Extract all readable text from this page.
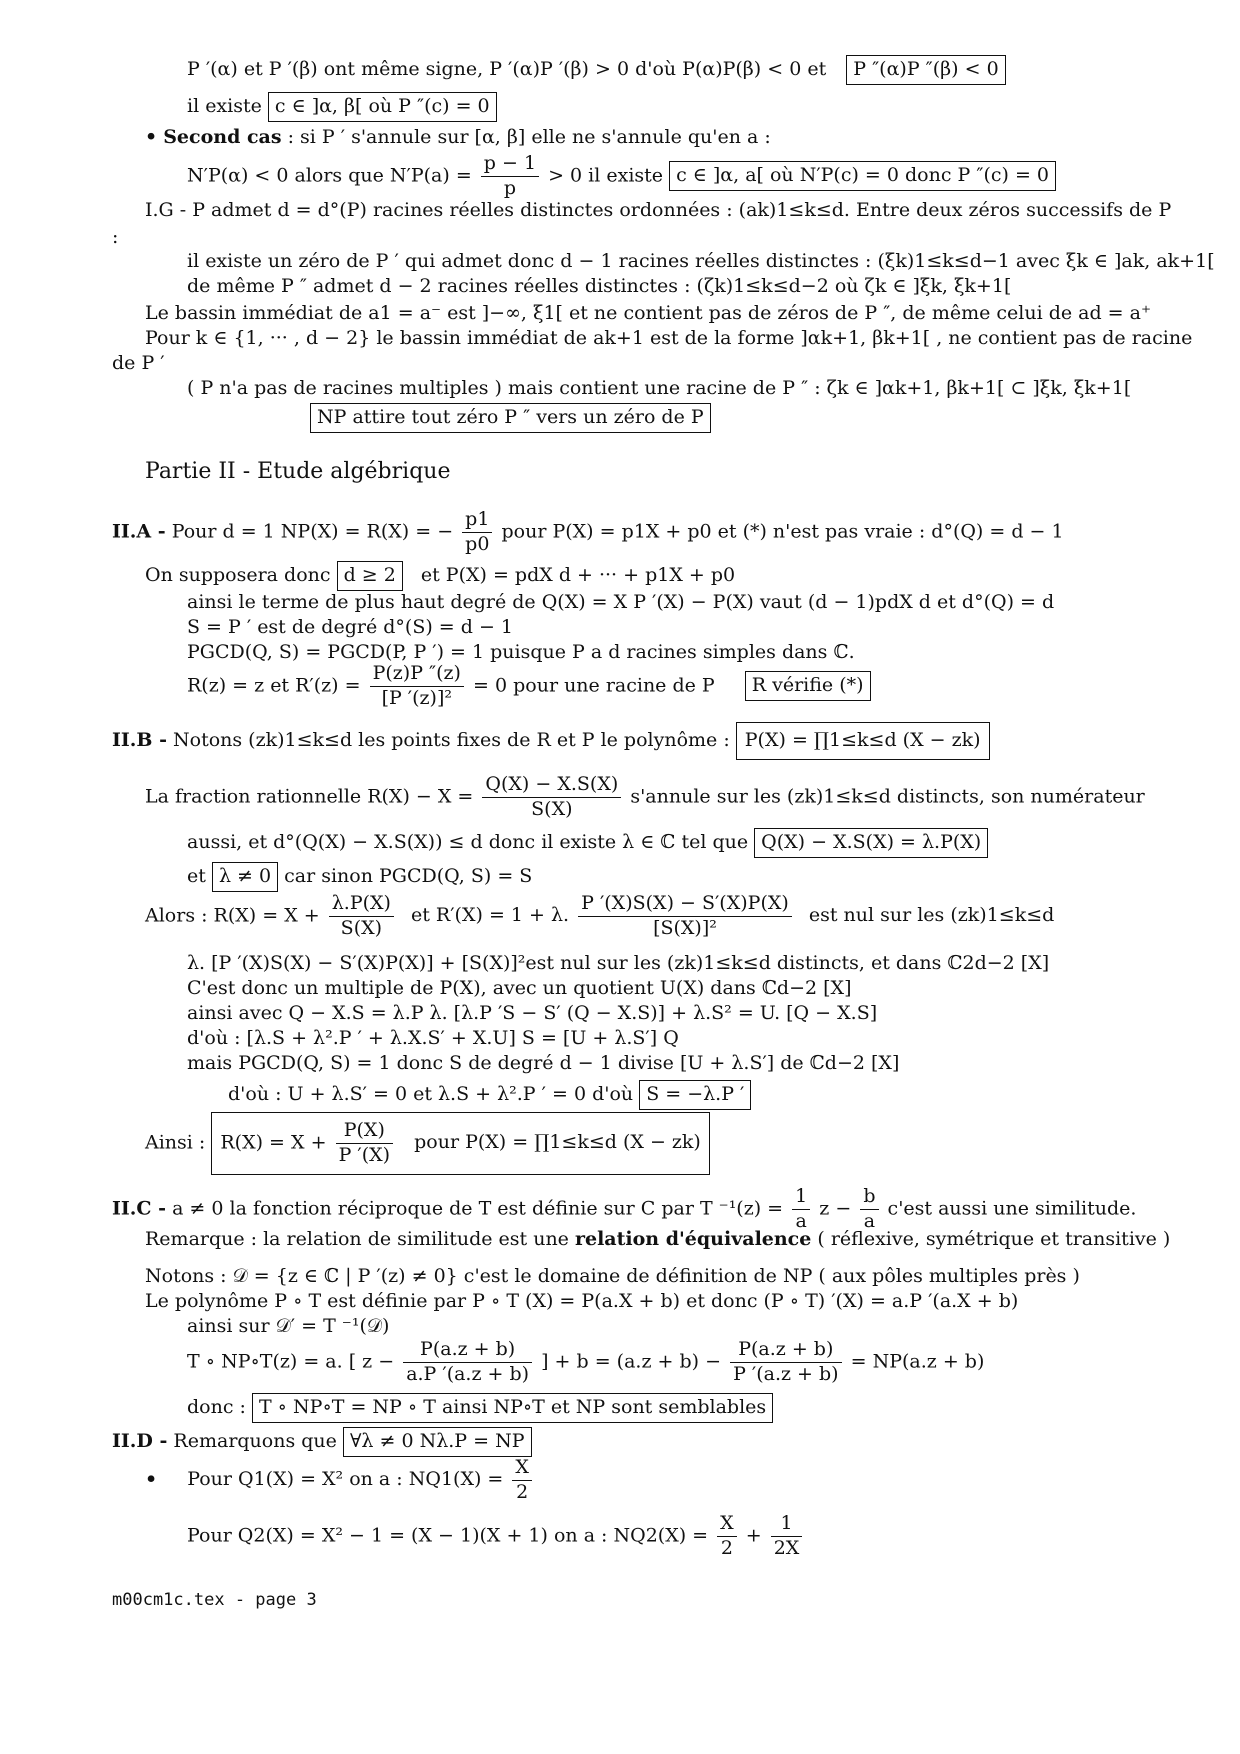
P ′(α) et P ′(β) ont même signe, P ′(α)P ′(β) > 0 d'où P(α)P(β) < 0 et P ″(α)P ″(β) < 0
il existe c ∈ ]α, β[ où P ″(c) = 0
• Second cas : si P ′ s'annule sur [α, β] elle ne s'annule qu'en a :
N′P(α) < 0 alors que $N'P(a) = \frac{p - 1}{p} > 0$ il existe c ∈ ]α, a[ où N′P(c) = 0 donc P ″(c) = 0
I.G - P admet d = d°(P) racines réelles distinctes ordonnées : (ak)1≤k≤d. Entre deux zéros successifs de P
:
il existe un zéro de P ′ qui admet donc d − 1 racines réelles distinctes : (ξk)1≤k≤d−1 avec ξk ∈ ]ak, ak+1[
de même P ″ admet d − 2 racines réelles distinctes : (ζk)1≤k≤d−2 où ζk ∈ ]ξk, ξk+1[
Le bassin immédiat de a1 = a⁻ est ]−∞, ξ1[ et ne contient pas de zéros de P ″, de même celui de ad = a⁺
Pour k ∈ {1, ··· , d − 2} le bassin immédiat de ak+1 est de la forme ]αk+1, βk+1[ , ne contient pas de racine
de P ′
( P n'a pas de racines multiples ) mais contient une racine de P ″ : ζk ∈ ]αk+1, βk+1[ ⊂ ]ξk, ξk+1[
NP attire tout zéro P ″ vers un zéro de P
Partie II - Etude algébrique
II.A - Pour d = 1 NP(X) = R(X) = − $\frac{p1}{p0}$ pour P(X) = p1X + p0 et (*) n'est pas vraie : d°(Q) = d − 1
On supposera donc d ≥ 2 et P(X) = pdX d + ··· + p1X + p0
ainsi le terme de plus haut degré de Q(X) = X P ′(X) − P(X) vaut (d − 1)pdX d et d°(Q) = d
S = P ′ est de degré d°(S) = d − 1
PGCD(Q, S) = PGCD(P, P ′) = 1 puisque P a d racines simples dans ℂ.
R(z) = z et $R'(z) = \frac{P(z)P ''(z)}{\text{[P ′(z)]²}} = 0$ pour une racine de P R vérifie (*)
II.B - Notons (zk)1≤k≤d les points fixes de R et P le polynôme : P(X) = ∏1≤k≤d (X − zk)
La fraction rationnelle $R(X) - X = \frac{Q(X) - X.S(X)}{S(X)}$ s'annule sur les (zk)1≤k≤d distincts, son numérateur
aussi, et d°(Q(X) − X.S(X)) ≤ d donc il existe λ ∈ ℂ tel que Q(X) − X.S(X) = λ.P(X)
et λ ≠ 0 car sinon PGCD(Q, S) = S
Alors : $R(X) = X + \frac{\lambda.P(X)}{S(X)}$ et R′(X) = 1 + λ. $\frac{P '(X)S(X) - S'(X)P(X)}{\text{[S(X)]²}}$ est nul sur les (zk)1≤k≤d
λ. [P ′(X)S(X) − S′(X)P(X)] + [S(X)]²est nul sur les (zk)1≤k≤d distincts, et dans ℂ2d−2 [X]
C'est donc un multiple de P(X), avec un quotient U(X) dans ℂd−2 [X]
ainsi avec Q − X.S = λ.P λ. [λ.P ′S − S′ (Q − X.S)] + λ.S² = U. [Q − X.S]
d'où : [λ.S + λ².P ′ + λ.X.S′ + X.U] S = [U + λ.S′] Q
mais PGCD(Q, S) = 1 donc S de degré d − 1 divise [U + λ.S′] de ℂd−2 [X]
d'où : U + λ.S′ = 0 et λ.S + λ².P ′ = 0 d'où S = −λ.P ′
Ainsi : $R(X) = X + \frac{P(X)}{P '(X)}$ pour P(X) = ∏1≤k≤d (X − zk)
II.C - a ≠ 0 la fonction réciproque de T est définie sur C par T $^{-1}(z) = \frac{1}{a}$ $z - \frac{b}{a} c'est$ aussi une similitude.
Remarque : la relation de similitude est une relation d'équivalence ( réflexive, symétrique et transitive )
Notons : 𝒟 = {z ∈ ℂ | P ′(z) ≠ 0} c'est le domaine de définition de NP ( aux pôles multiples près )
Le polynôme P ∘ T est définie par P ∘ T (X) = P(a.X + b) et donc (P ∘ T) ′(X) = a.P ′(a.X + b)
ainsi sur 𝒟′ = T ⁻¹(𝒟)
T ∘ NP∘T(z) = a. [ $z - \frac{P(a.z + b)}{a.P '(a.z + b)}$ ] + $b = (a.z + b) - \frac{P(a.z + b)}{P '(a.z + b)} = NP(a.z + b)$
donc : T ∘ NP∘T = NP ∘ T ainsi NP∘T et NP sont semblables
II.D - Remarquons que ∀λ ≠ 0 Nλ.P = NP
• Pour Q1(X) = X² on a : $NQ1(X) = \frac{X}{2}$
Pour Q2(X) = X² − 1 = (X − 1)(X + 1) on a : $NQ2(X) = \frac{X}{2} + \frac{1}{2X}$
m00cm1c.tex - page 3
